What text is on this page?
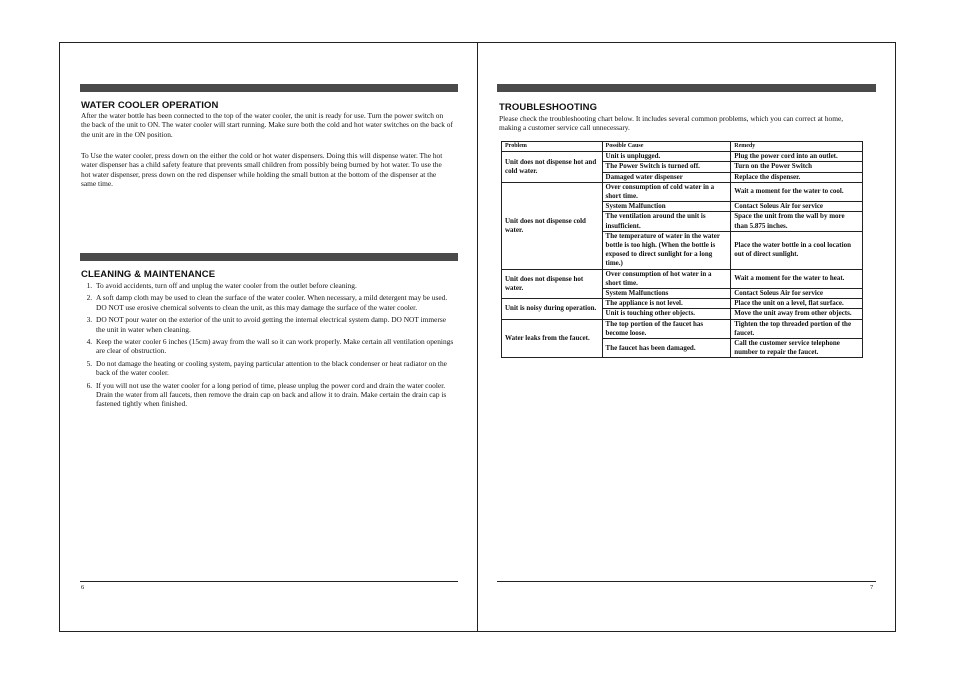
WATER COOLER OPERATION

After the water bottle has been connected to the top of the water cooler, the unit is ready for use. Turn the power switch on the back of the unit to ON. The water cooler will start running. Make sure both the cold and hot water switches on the back of the unit are in the ON position.

To Use the water cooler, press down on the either the cold or hot water dispensers. Doing this will dispense water. The hot water dispenser has a child safety feature that prevents small children from possibly being burned by hot water. To use the hot water dispenser, press down on the red dispenser while holding the small button at the bottom of the dispenser at the same time.

CLEANING & MAINTENANCE
1. To avoid accidents, turn off and unplug the water cooler from the outlet before cleaning.
2. A soft damp cloth may be used to clean the surface of the water cooler. When necessary, a mild detergent may be used. DO NOT use erosive chemical solvents to clean the unit, as this may damage the surface of the water cooler.
3. DO NOT pour water on the exterior of the unit to avoid getting the internal electrical system damp. DO NOT immerse the unit in water when cleaning.
4. Keep the water cooler 6 inches (15cm) away from the wall so it can work properly. Make certain all ventilation openings are clear of obstruction.
5. Do not damage the heating or cooling system, paying particular attention to the black condenser or heat radiator on the back of the water cooler.
6. If you will not use the water cooler for a long period of time, please unplug the power cord and drain the water cooler. Drain the water from all faucets, then remove the drain cap on back and allow it to drain. Make certain the drain cap is fastened tightly when finished.
6
TROUBLESHOOTING

Please check the troubleshooting chart below. It includes several common problems, which you can correct at home, making a customer service call unnecessary.

Problem	Possible Cause	Remedy
Unit does not dispense hot and cold water.	Unit is unplugged.	Plug the power cord into an outlet.
	The Power Switch is turned off.	Turn on the Power Switch
	Damaged water dispenser	Replace the dispenser.
Unit does not dispense cold water.	Over consumption of cold water in a short time.	Wait a moment for the water to cool.
	System Malfunction	Contact Soleus Air for service
	The ventilation around the unit is insufficient.	Space the unit from the wall by more than 5.875 inches.
	The temperature of water in the water bottle is too high. (When the bottle is exposed to direct sunlight for a long time.)	Place the water bottle in a cool location out of direct sunlight.
Unit does not dispense hot water.	Over consumption of hot water in a short time.	Wait a moment for the water to heat.
	System Malfunctions	Contact Soleus Air for service
Unit is noisy during operation.	The appliance is not level.	Place the unit on a level, flat surface.
	Unit is touching other objects.	Move the unit away from other objects.
Water leaks from the faucet.	The top portion of the faucet has become loose.	Tighten the top threaded portion of the faucet.
	The faucet has been damaged.	Call the customer service telephone number to repair the faucet.
7
